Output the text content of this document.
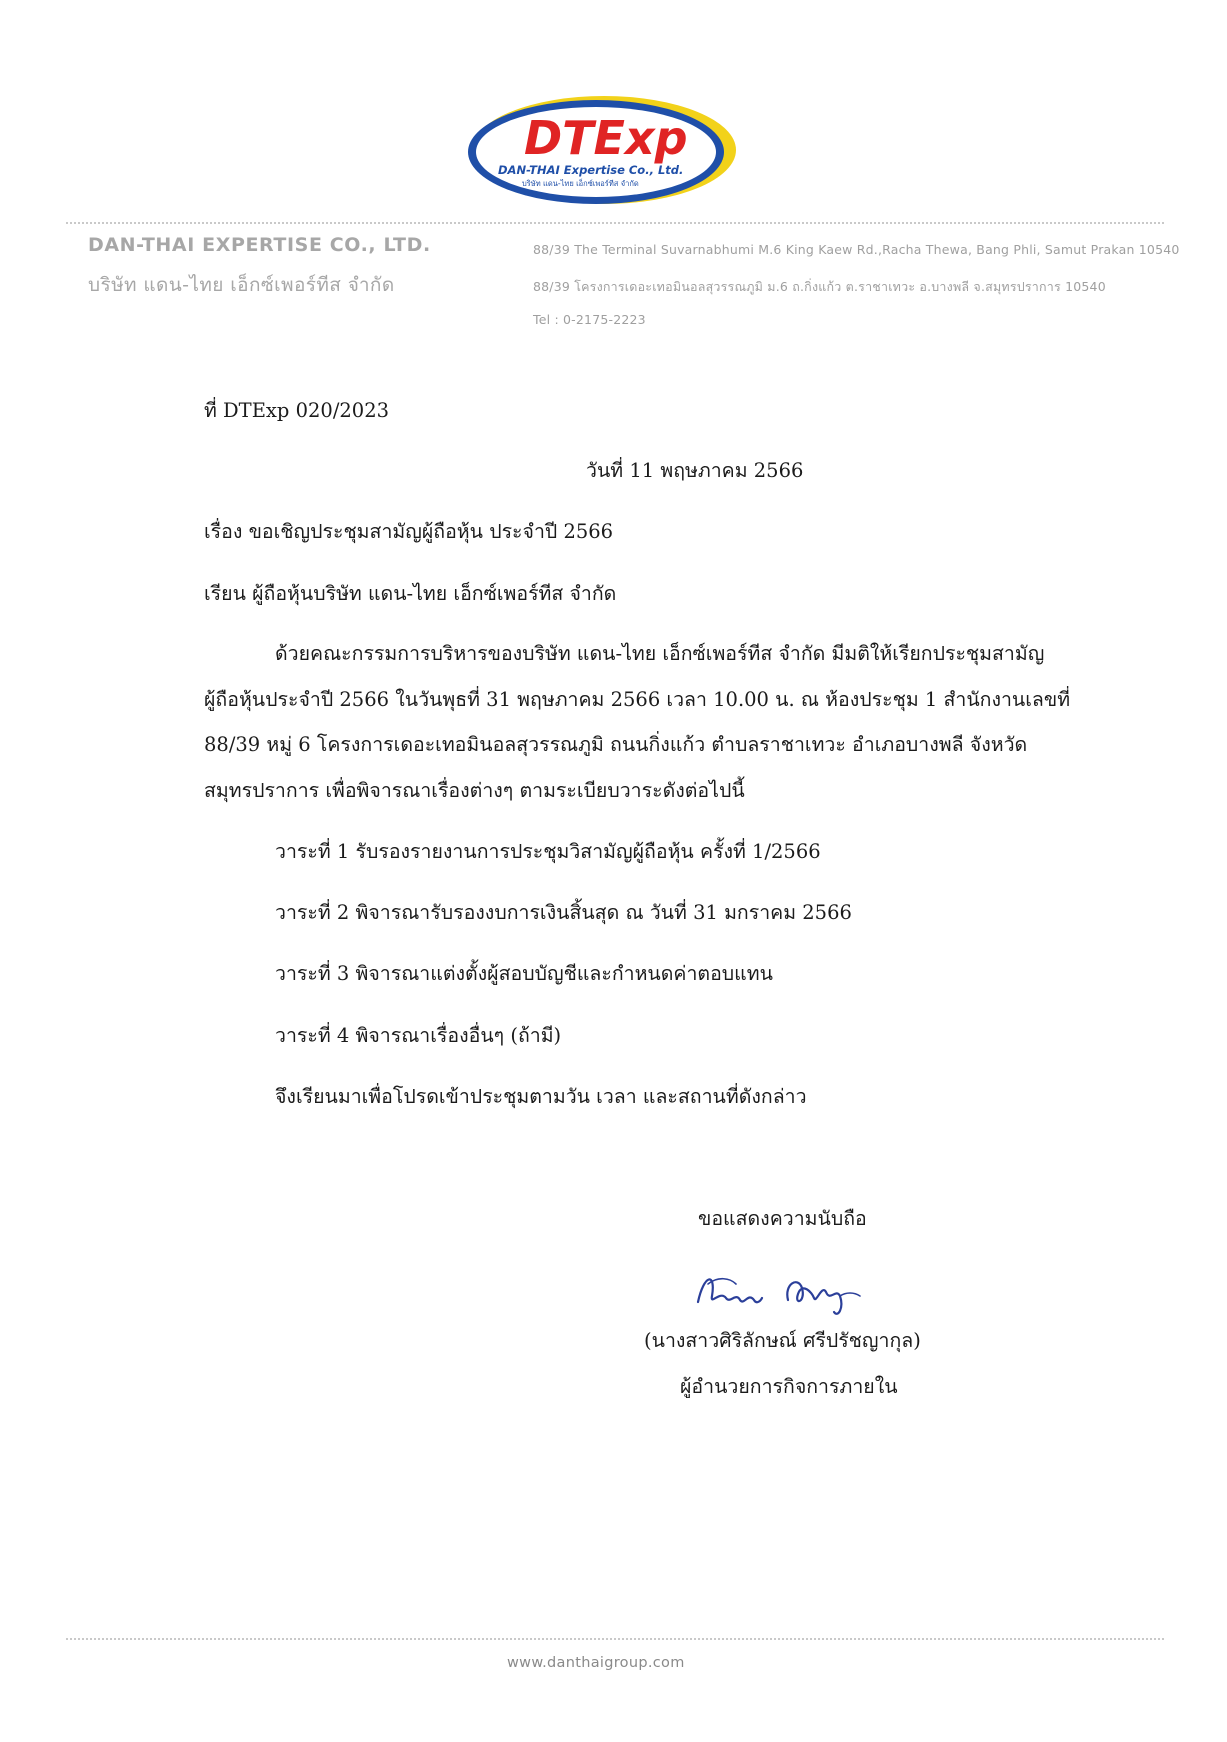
DTExp
DAN-THAI Expertise Co., Ltd.
บริษัท แดน-ไทย เอ็กซ์เพอร์ทีส จำกัด
DAN-THAI EXPERTISE CO., LTD.
บริษัท แดน-ไทย เอ็กซ์เพอร์ทีส จำกัด
88/39 The Terminal Suvarnabhumi M.6 King Kaew Rd.,Racha Thewa, Bang Phli, Samut Prakan 10540
88/39 โครงการเดอะเทอมินอลสุวรรณภูมิ ม.6 ถ.กิ่งแก้ว ต.ราชาเทวะ อ.บางพลี จ.สมุทรปราการ 10540
Tel : 0-2175-2223
ที่ DTExp 020/2023
วันที่ 11 พฤษภาคม 2566
เรื่อง ขอเชิญประชุมสามัญผู้ถือหุ้น ประจำปี 2566
เรียน ผู้ถือหุ้นบริษัท แดน-ไทย เอ็กซ์เพอร์ทีส จำกัด
ด้วยคณะกรรมการบริหารของบริษัท แดน-ไทย เอ็กซ์เพอร์ทีส จำกัด มีมติให้เรียกประชุมสามัญ
ผู้ถือหุ้นประจำปี 2566 ในวันพุธที่ 31 พฤษภาคม 2566 เวลา 10.00 น. ณ ห้องประชุม 1 สำนักงานเลขที่
88/39 หมู่ 6 โครงการเดอะเทอมินอลสุวรรณภูมิ ถนนกิ่งแก้ว ตำบลราชาเทวะ อำเภอบางพลี จังหวัด
สมุทรปราการ เพื่อพิจารณาเรื่องต่างๆ ตามระเบียบวาระดังต่อไปนี้
วาระที่ 1 รับรองรายงานการประชุมวิสามัญผู้ถือหุ้น ครั้งที่ 1/2566
วาระที่ 2 พิจารณารับรองงบการเงินสิ้นสุด ณ วันที่ 31 มกราคม 2566
วาระที่ 3 พิจารณาแต่งตั้งผู้สอบบัญชีและกำหนดค่าตอบแทน
วาระที่ 4 พิจารณาเรื่องอื่นๆ (ถ้ามี)
จึงเรียนมาเพื่อโปรดเข้าประชุมตามวัน เวลา และสถานที่ดังกล่าว
ขอแสดงความนับถือ
(นางสาวศิริลักษณ์ ศรีปรัชญากุล)
ผู้อำนวยการกิจการภายใน
www.danthaigroup.com
